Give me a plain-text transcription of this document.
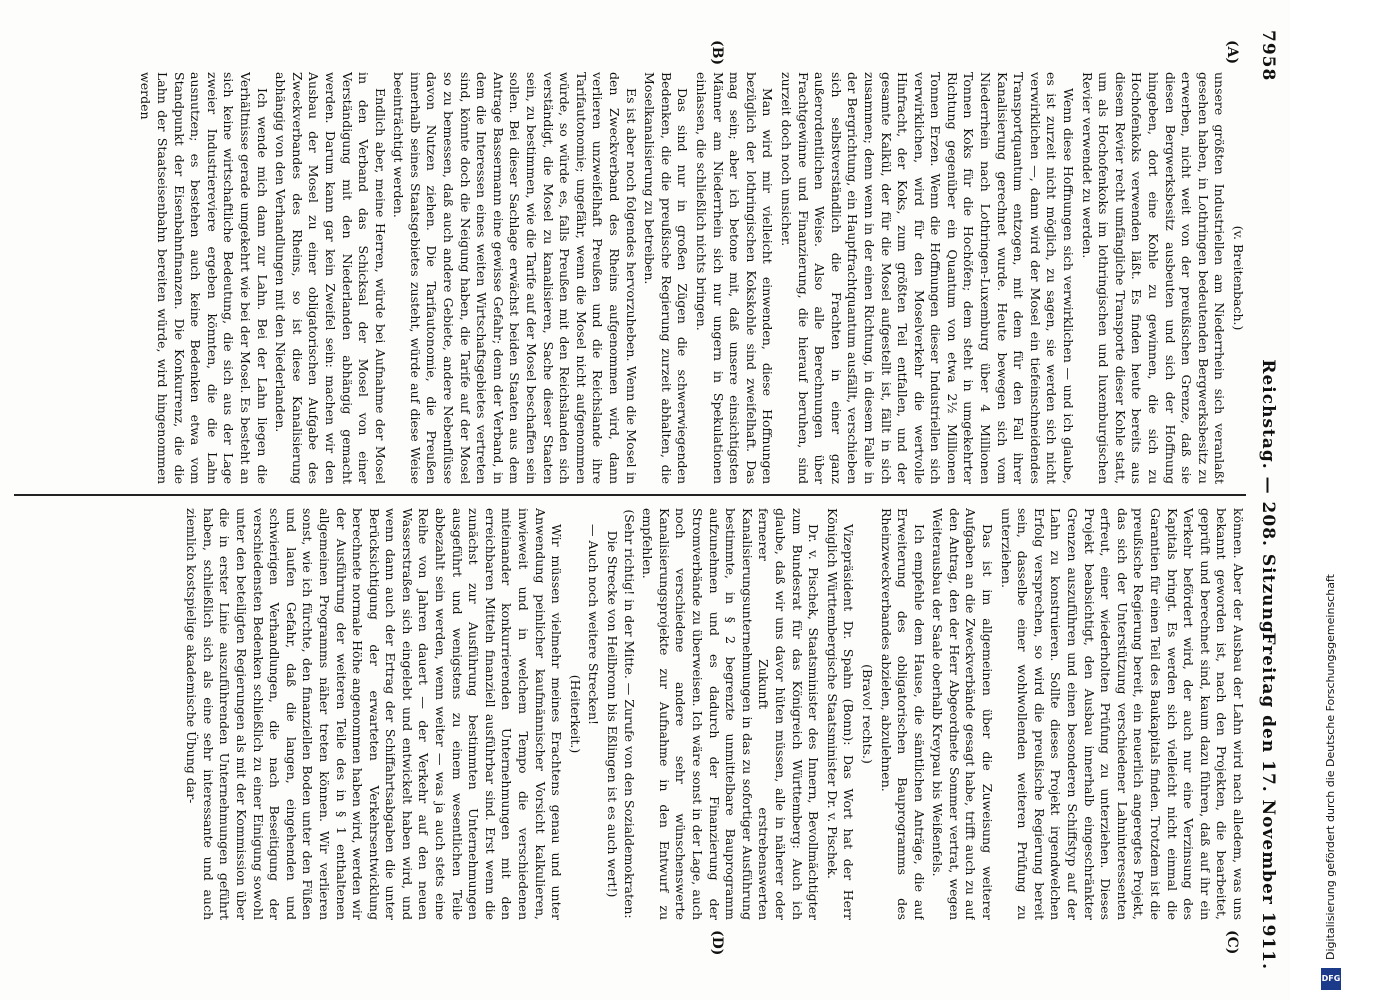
7958
Reichstag. — 208. Sitzung.
Freitag den 17. November 1911.
(A)
(B)
(C)
(D)

(v. Breitenbach.)

unsere größten Industriellen am Niederrhein sich veranlaßt gesehen haben, in Lothringen bedeutenden Bergwerksbesitz zu erwerben, nicht weit von der preußischen Grenze, daß sie diesen Bergwerksbesitz ausbeuten und sich der Hoffnung hingeben, dort eine Kohle zu gewinnen, die sich zu Hochofenkoks verwenden läßt. Es finden heute bereits aus diesem Revier recht umfängliche Transporte dieser Kohle statt, um als Hochofenkoks im lothringischen und luxemburgischen Revier verwendet zu werden.

Wenn diese Hoffnungen sich verwirklichen — und ich glaube, es ist zurzeit nicht möglich, zu sagen, sie werden sich nicht verwirklichen —, dann wird der Mosel ein tiefeinschneidendes Transportquantum entzogen, mit dem für den Fall ihrer Kanalisierung gerechnet wurde. Heute bewegen sich vom Niederrhein nach Lothringen-Luxemburg über 4 Millionen Tonnen Koks für die Hochöfen; dem steht in umgekehrter Richtung gegenüber ein Quantum von etwa 2½ Millionen Tonnen Erzen. Wenn die Hoffnungen dieser Industriellen sich verwirklichen, wird für den Moselverkehr die wertvolle Hinfracht, der Koks, zum größten Teil entfallen, und der gesamte Kalkül, der für die Mosel aufgestellt ist, fällt in sich zusammen; denn wenn in der einen Richtung, in diesem Falle in der Bergrichtung, ein Hauptfrachtquantum ausfällt, verschieben sich selbstverständlich die Frachten in einer ganz außerordentlichen Weise. Also alle Berechnungen über Frachtgewinne und Finanzierung, die hierauf beruhen, sind zurzeit doch noch unsicher.

Man wird mir vielleicht einwenden, diese Hoffnungen bezüglich der lothringischen Kokskohle sind zweifelhaft. Das mag sein; aber ich betone mit, daß unsere einsichtigsten Männer am Niederrhein sich nur ungern in Spekulationen einlassen, die schließlich nichts bringen.

Das sind nur in großen Zügen die schwerwiegenden Bedenken, die die preußische Regierung zurzeit abhalten, die Moselkanalisierung zu betreiben.

Es ist aber noch folgendes hervorzuheben. Wenn die Mosel in den Zweckverband des Rheins aufgenommen wird, dann verlieren unzweifelhaft Preußen und die Reichslande ihre Tarifautonomie; ungefähr, wenn die Mosel nicht aufgenommen würde, so würde es, falls Preußen mit den Reichslanden sich verständigt, die Mosel zu kanalisieren, Sache dieser Staaten sein, zu bestimmen, wie die Tarife auf der Mosel beschaffen sein sollen. Bei dieser Sachlage erwächst beiden Staaten aus dem Antrage Bassermann eine gewisse Gefahr; denn der Verband, in dem die Interessen eines weiten Wirtschaftsgebietes vertreten sind, könnte doch die Neigung haben, die Tarife auf der Mosel so zu bemessen, daß auch andere Gebiete, andere Nebenflüsse davon Nutzen ziehen. Die Tarifautonomie, die Preußen innerhalb seines Staatsgebietes zusteht, würde auf diese Weise beeinträchtigt werden.

Endlich aber, meine Herren, würde bei Aufnahme der Mosel in den Verband das Schicksal der Mosel von einer Verständigung mit den Niederlanden abhängig gemacht werden. Darum kann gar kein Zweifel sein: machen wir den Ausbau der Mosel zu einer obligatorischen Aufgabe des Zweckverbandes des Rheins, so ist diese Kanalisierung abhängig von den Verhandlungen mit den Niederlanden.

Ich wende mich dann zur Lahn. Bei der Lahn liegen die Verhältnisse gerade umgekehrt wie bei der Mosel. Es besteht an sich keine wirtschaftliche Bedeutung, die sich aus der Lage zweier Industriereviere ergeben könnten, die die Lahn ausnutzen; es bestehen auch keine Bedenken etwa vom Standpunkt der Eisenbahnfinanzen. Die Konkurrenz, die die Lahn der Staatseisenbahn bereiten würde, wird hingenommen werden

können. Aber der Ausbau der Lahn wird nach alledem, was uns bekannt geworden ist, nach den Projekten, die bearbeitet, geprüft und berechnet sind, kaum dazu führen, daß auf ihr ein Verkehr befördert wird, der auch nur eine Verzinsung des Kapitals bringt. Es werden sich vielleicht nicht einmal die Garantien für einen Teil des Baukapitals finden. Trotzdem ist die preußische Regierung bereit, ein neuerlich angeregtes Projekt, das sich der Unterstützung verschiedener Lahninteressenten erfreut, einer wiederholten Prüfung zu unterziehen. Dieses Projekt beabsichtigt, den Ausbau innerhalb eingeschränkter Grenzen auszuführen und einen besonderen Schiffstyp auf der Lahn zu konstruieren. Sollte dieses Projekt irgendwelchen Erfolg versprechen, so wird die preußische Regierung bereit sein, dasselbe einer wohlwollenden weiteren Prüfung zu unterziehen.

Das ist im allgemeinen über die Zuweisung weiterer Aufgaben an die Zweckverbände gesagt habe, trifft auch zu auf den Antrag, den der Herr Abgeordnete Sommer vertrat, wegen Weiterausbau der Saale oberhalb Kreypau bis Weißenfels.

Ich empfehle dem Hause, die sämtlichen Anträge, die auf Erweiterung des obligatorischen Bauprogramms des Rheinzweckverbandes abzielen, abzulehnen.

(Bravo! rechts.)

Vizepräsident Dr. Spahn (Bonn): Das Wort hat der Herr Königlich Württembergische Staatsminister Dr. v. Pischek.

Dr. v. Pischek, Staatsminister des Innern, Bevollmächtigter zum Bundesrat für das Königreich Württemberg: Auch ich glaube, daß wir uns davor hüten müssen, alle in näherer oder fernerer Zukunft erstrebenswerten Kanalisierungsunternehmungen in das zu sofortiger Ausführung bestimmte, in § 2 begrenzte unmittelbare Bauprogramm aufzunehmen und es dadurch der Finanzierung der Stromverbände zu überweisen. Ich wäre sonst in der Lage, auch noch verschiedene andere sehr wünschenswerte Kanalisierungsprojekte zur Aufnahme in den Entwurf zu empfehlen.

(Sehr richtig! in der Mitte. — Zurufe von den Sozialdemokraten: Die Strecke von Heilbronn bis Eßlingen ist es auch wert!)

— Auch noch weitere Strecken!

(Heiterkeit.)

Wir müssen vielmehr meines Erachtens genau und unter Anwendung peinlicher kaufmännischer Vorsicht kalkulieren, inwieweit und in welchem Tempo die verschiedenen miteinander konkurrierenden Unternehmungen mit den erreichbaren Mitteln finanziell ausführbar sind. Erst wenn die zunächst zur Ausführung bestimmten Unternehmungen ausgeführt und wenigstens zu einem wesentlichen Teile abbezahlt sein werden, wenn weiter — was ja auch stets eine Reihe von Jahren dauert — der Verkehr auf den neuen Wasserstraßen sich eingelebt und entwickelt haben wird, und wenn dann auch der Ertrag der Schiffahrtsabgaben die unter Berücksichtigung der erwarteten Verkehrsentwicklung berechnete normale Höhe angenommen haben wird, werden wir der Ausführung der weiteren Teile des in § 1 enthaltenen allgemeinen Programms näher treten können. Wir verlieren sonst, wie ich fürchte, den finanziellen Boden unter den Füßen und laufen Gefahr, daß die langen, eingehenden und schwierigen Verhandlungen, die nach Beseitigung der verschiedensten Bedenken schließlich zu einer Einigung sowohl unter den beteiligten Regierungen als mit der Kommission über die in erster Linie auszuführenden Unternehmungen geführt haben, schließlich sich als eine sehr interessante und auch ziemlich kostspielige akademische Übung dar-	Digitalisierung gefördert durch die Deutsche Forschungsgemeinschaft
DFG
